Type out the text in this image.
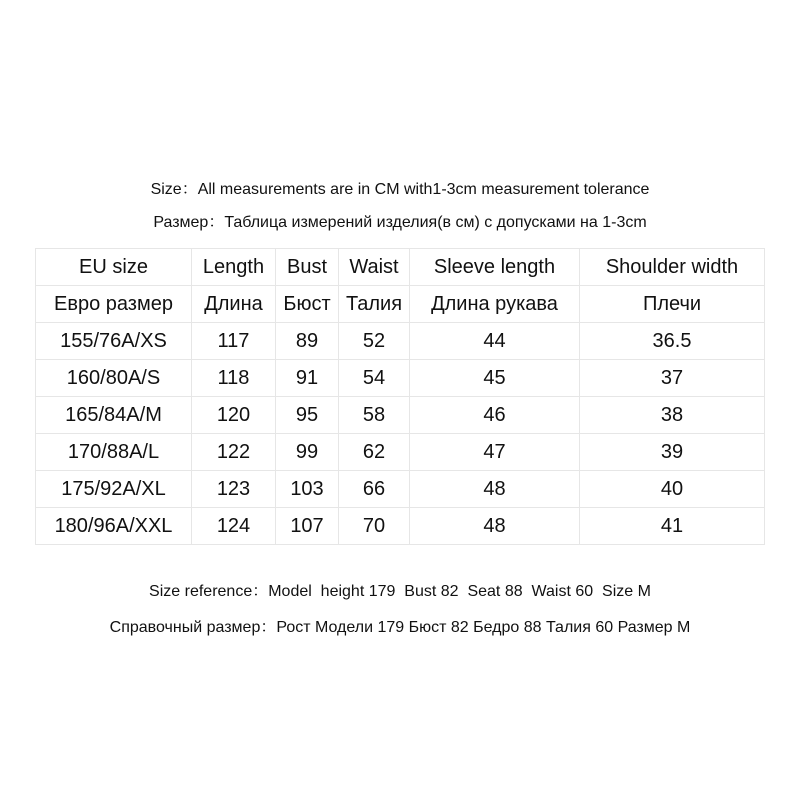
Size：All measurements are in CM with1-3cm measurement tolerance
Размер：Таблица измерений изделия(в см) с допусками на 1-3cm
EU size	Length	Bust	Waist	Sleeve length	Shoulder width
Евро размер	Длина	Бюст	Талия	Длина рукава	Плечи
155/76A/XS	117	89	52	44	36.5
160/80A/S	118	91	54	45	37
165/84A/M	120	95	58	46	38
170/88A/L	122	99	62	47	39
175/92A/XL	123	103	66	48	40
180/96A/XXL	124	107	70	48	41
Size reference：Model  height 179  Bust 82  Seat 88  Waist 60  Size M
Справочный размер：Рост Модели 179 Бюст 82 Бедро 88 Талия 60 Размер M
